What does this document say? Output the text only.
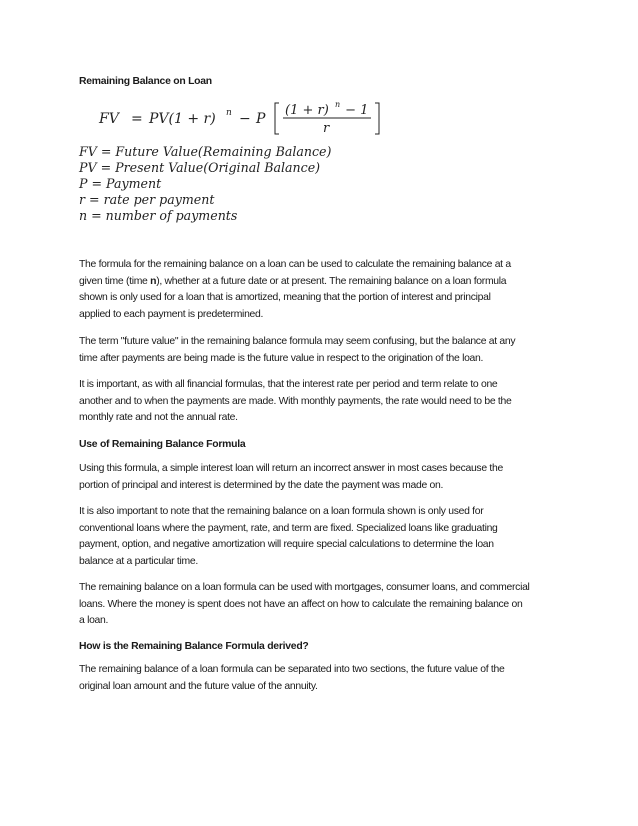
Remaining Balance on Loan
FV = PV(1 + r) n − P
(1 + r) n − 1
r
FV = Future Value(Remaining Balance)
PV = Present Value(Original Balance)
P = Payment
r = rate per payment
n = number of payments
The formula for the remaining balance on a loan can be used to calculate the remaining balance at a
given time (time n), whether at a future date or at present. The remaining balance on a loan formula
shown is only used for a loan that is amortized, meaning that the portion of interest and principal
applied to each payment is predetermined.
The term "future value" in the remaining balance formula may seem confusing, but the balance at any
time after payments are being made is the future value in respect to the origination of the loan.
It is important, as with all financial formulas, that the interest rate per period and term relate to one
another and to when the payments are made. With monthly payments, the rate would need to be the
monthly rate and not the annual rate.
Use of Remaining Balance Formula
Using this formula, a simple interest loan will return an incorrect answer in most cases because the
portion of principal and interest is determined by the date the payment was made on.
It is also important to note that the remaining balance on a loan formula shown is only used for
conventional loans where the payment, rate, and term are fixed. Specialized loans like graduating
payment, option, and negative amortization will require special calculations to determine the loan
balance at a particular time.
The remaining balance on a loan formula can be used with mortgages, consumer loans, and commercial
loans. Where the money is spent does not have an affect on how to calculate the remaining balance on
a loan.
How is the Remaining Balance Formula derived?
The remaining balance of a loan formula can be separated into two sections, the future value of the
original loan amount and the future value of the annuity.
